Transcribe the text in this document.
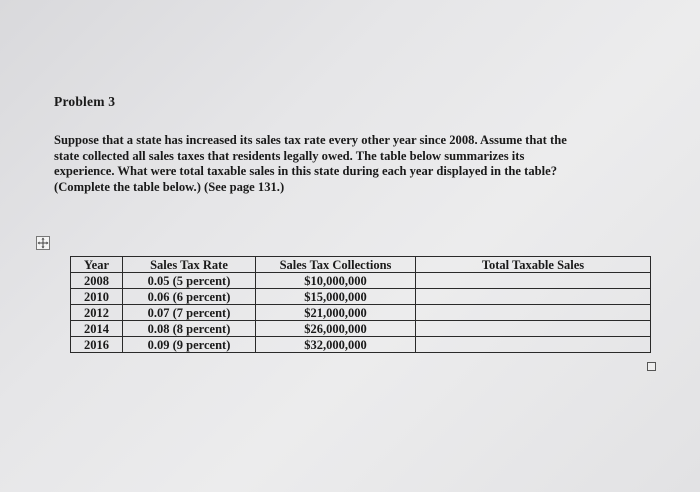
Problem 3
Suppose that a state has increased its sales tax rate every other year since 2008. Assume that the
state collected all sales taxes that residents legally owed. The table below summarizes its
experience. What were total taxable sales in this state during each year displayed in the table?
(Complete the table below.) (See page 131.)
Year	Sales Tax Rate	Sales Tax Collections	Total Taxable Sales
2008	0.05 (5 percent)	$10,000,000	
2010	0.06 (6 percent)	$15,000,000	
2012	0.07 (7 percent)	$21,000,000	
2014	0.08 (8 percent)	$26,000,000	
2016	0.09 (9 percent)	$32,000,000	
